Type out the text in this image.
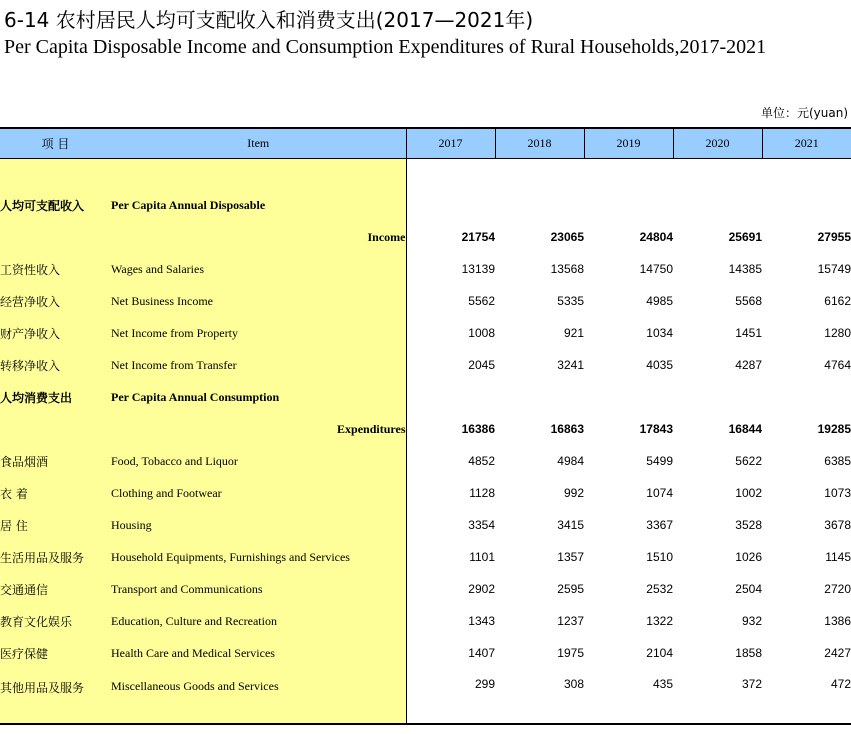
6-14 农村居民人均可支配收入和消费支出(2017—2021年)
Per Capita Disposable Income and Consumption Expenditures of Rural Households,2017-2021
单位：元(yuan)
项 目	Item	2017	2018	2019	2020	2021

人均可支配收入	Per Capita Annual Disposable					
	Income	21754	23065	24804	25691	27955
工资性收入	Wages and Salaries	13139	13568	14750	14385	15749
经营净收入	Net Business Income	5562	5335	4985	5568	6162
财产净收入	Net Income from Property	1008	921	1034	1451	1280
转移净收入	Net Income from Transfer	2045	3241	4035	4287	4764
人均消费支出	Per Capita Annual Consumption					
	Expenditures	16386	16863	17843	16844	19285
食品烟酒	Food, Tobacco and Liquor	4852	4984	5499	5622	6385
衣 着	Clothing and Footwear	1128	992	1074	1002	1073
居 住	Housing	3354	3415	3367	3528	3678
生活用品及服务	Household Equipments, Furnishings and Services	1101	1357	1510	1026	1145
交通通信	Transport and Communications	2902	2595	2532	2504	2720
教育文化娱乐	Education, Culture and Recreation	1343	1237	1322	932	1386
医疗保健	Health Care and Medical Services	1407	1975	2104	1858	2427
其他用品及服务	Miscellaneous Goods and Services	299	308	435	372	472
